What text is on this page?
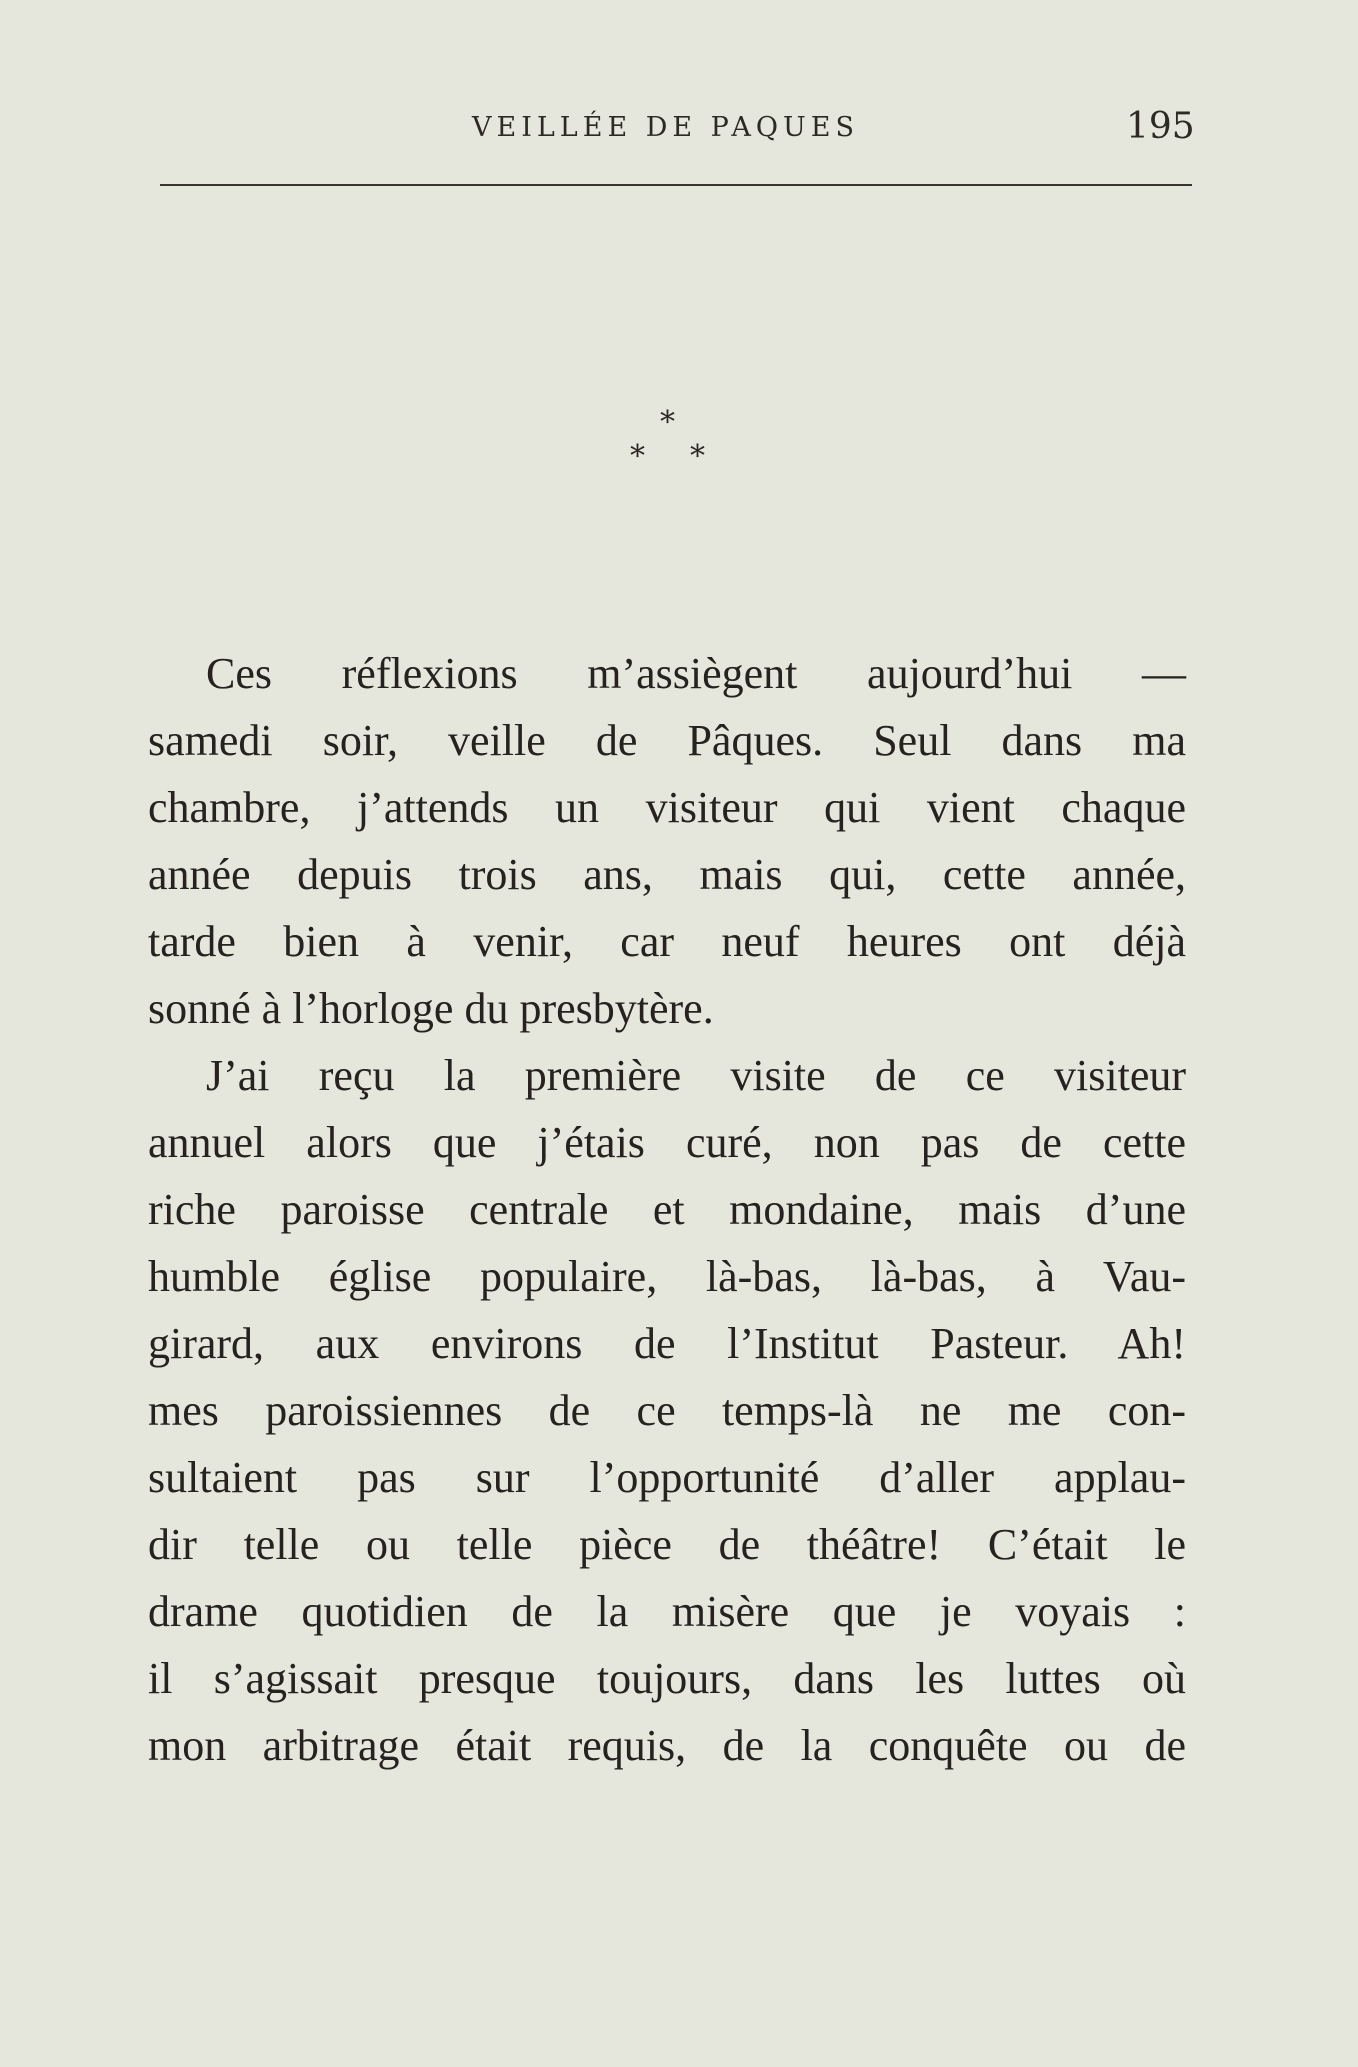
VEILLÉE DE PAQUES	195
*
* *
Ces réflexions m’assiègent aujourd’hui —
samedi soir, veille de Pâques. Seul dans ma
chambre, j’attends un visiteur qui vient chaque
année depuis trois ans, mais qui, cette année,
tarde bien à venir, car neuf heures ont déjà
sonné à l’horloge du presbytère.
J’ai reçu la première visite de ce visiteur
annuel alors que j’étais curé, non pas de cette
riche paroisse centrale et mondaine, mais d’une
humble église populaire, là-bas, là-bas, à Vau-
girard, aux environs de l’Institut Pasteur. Ah!
mes paroissiennes de ce temps-là ne me con-
sultaient pas sur l’opportunité d’aller applau-
dir telle ou telle pièce de théâtre! C’était le
drame quotidien de la misère que je voyais :
il s’agissait presque toujours, dans les luttes où
mon arbitrage était requis, de la conquête ou de
